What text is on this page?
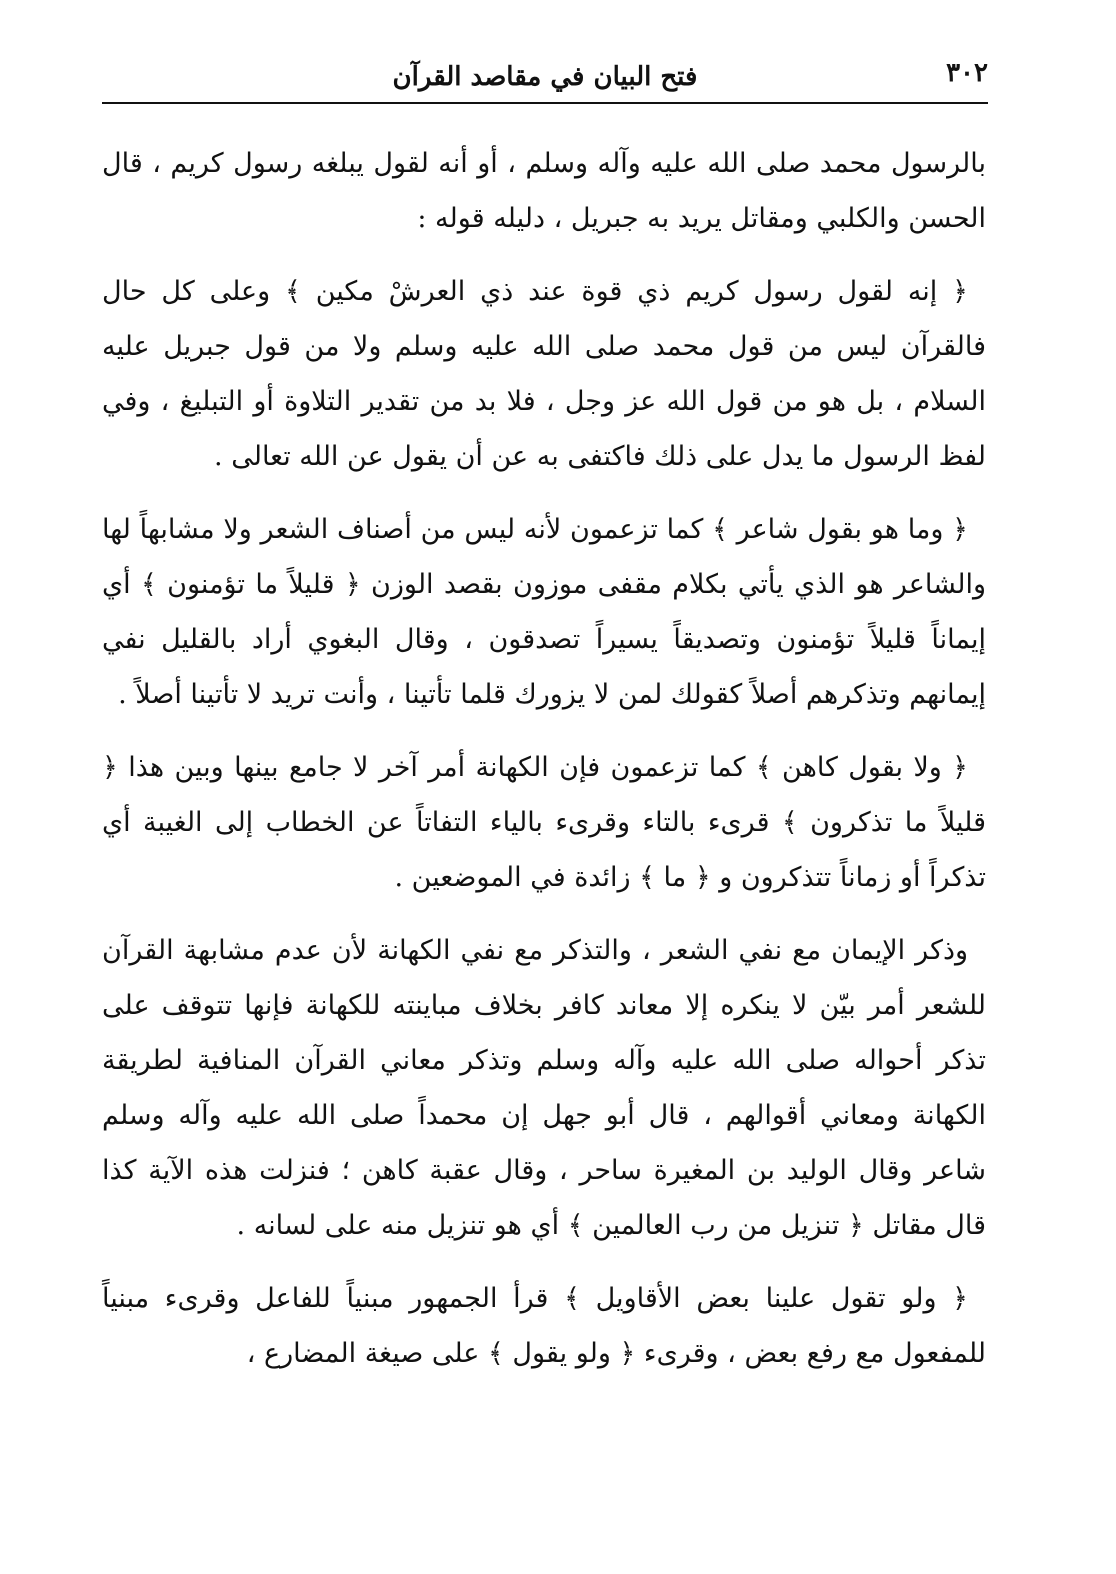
٣٠٢
فتح البيان في مقاصد القرآن

بالرسول محمد صلى الله عليه وآله وسلم ، أو أنه لقول يبلغه رسول كريم ، قال الحسن والكلبي ومقاتل يريد به جبريل ، دليله قوله :

﴿ إنه لقول رسول كريم ذي قوة عند ذي العرشْ مكين ﴾ وعلى كل حال فالقرآن ليس من قول محمد صلى الله عليه وسلم ولا من قول جبريل عليه السلام ، بل هو من قول الله عز وجل ، فلا بد من تقدير التلاوة أو التبليغ ، وفي لفظ الرسول ما يدل على ذلك فاكتفى به عن أن يقول عن الله تعالى .

﴿ وما هو بقول شاعر ﴾ كما تزعمون لأنه ليس من أصناف الشعر ولا مشابهاً لها والشاعر هو الذي يأتي بكلام مقفى موزون بقصد الوزن ﴿ قليلاً ما تؤمنون ﴾ أي إيماناً قليلاً تؤمنون وتصديقاً يسيراً تصدقون ، وقال البغوي أراد بالقليل نفي إيمانهم وتذكرهم أصلاً كقولك لمن لا يزورك قلما تأتينا ، وأنت تريد لا تأتينا أصلاً .

﴿ ولا بقول كاهن ﴾ كما تزعمون فإن الكهانة أمر آخر لا جامع بينها وبين هذا ﴿ قليلاً ما تذكرون ﴾ قرىء بالتاء وقرىء بالياء التفاتاً عن الخطاب إلى الغيبة أي تذكراً أو زماناً تتذكرون و ﴿ ما ﴾ زائدة في الموضعين .

وذكر الإيمان مع نفي الشعر ، والتذكر مع نفي الكهانة لأن عدم مشابهة القرآن للشعر أمر بيّن لا ينكره إلا معاند كافر بخلاف مباينته للكهانة فإنها تتوقف على تذكر أحواله صلى الله عليه وآله وسلم وتذكر معاني القرآن المنافية لطريقة الكهانة ومعاني أقوالهم ، قال أبو جهل إن محمداً صلى الله عليه وآله وسلم شاعر وقال الوليد بن المغيرة ساحر ، وقال عقبة كاهن ؛ فنزلت هذه الآية كذا قال مقاتل ﴿ تنزيل من رب العالمين ﴾ أي هو تنزيل منه على لسانه .

﴿ ولو تقول علينا بعض الأقاويل ﴾ قرأ الجمهور مبنياً للفاعل وقرىء مبنياً للمفعول مع رفع بعض ، وقرىء ﴿ ولو يقول ﴾ على صيغة المضارع ،
